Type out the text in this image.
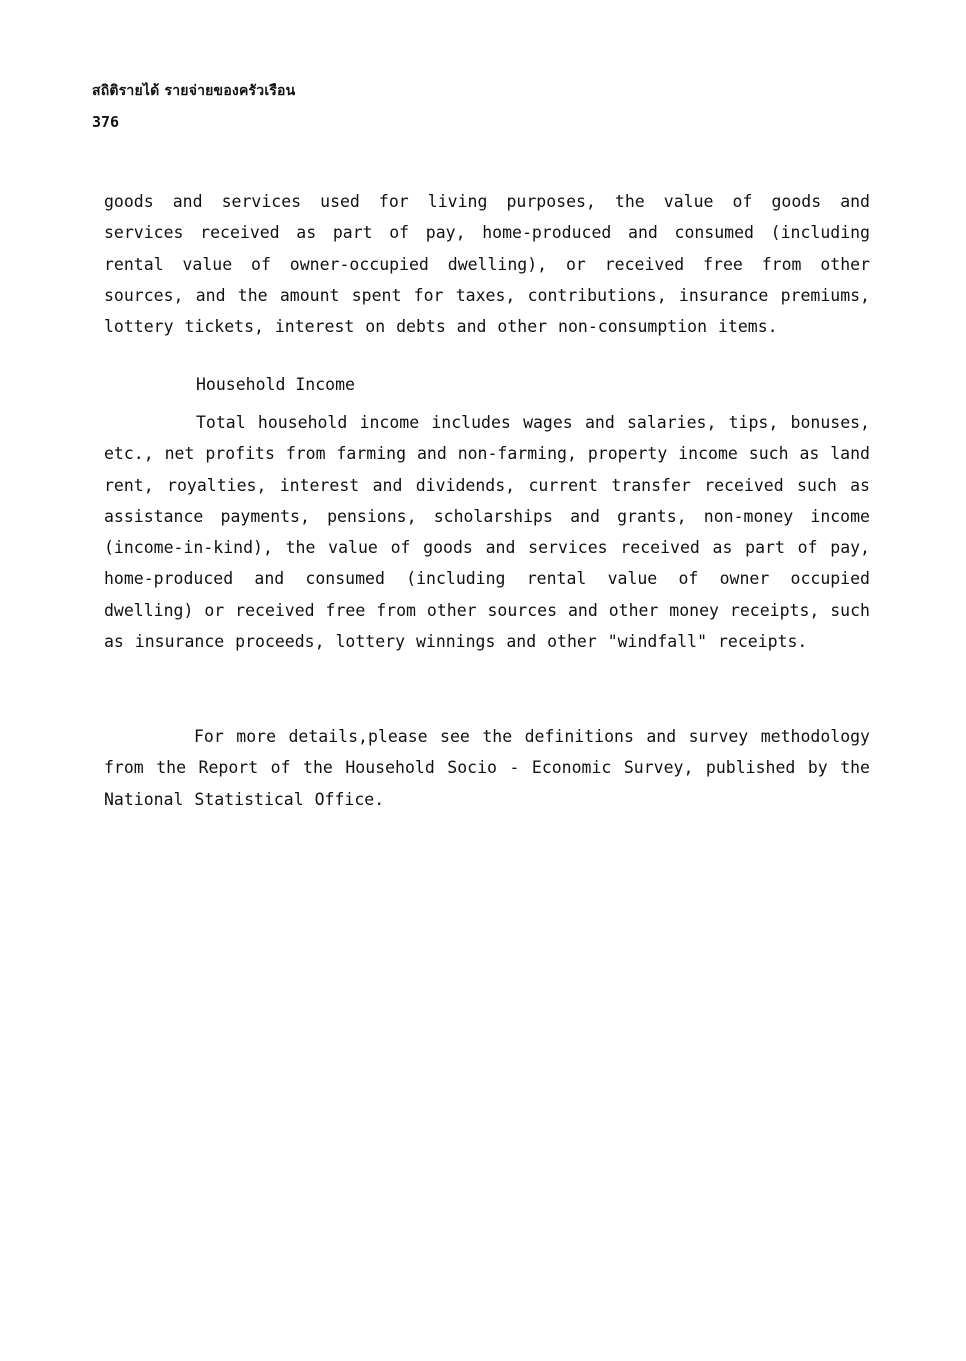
สถิติรายได้ รายจ่ายของครัวเรือน
376

goods and services used for living purposes, the value of goods and services received as part of pay, home-produced and consumed (including rental value of owner-occupied dwelling), or received free from other sources, and the amount spent for taxes, contributions, insurance premiums, lottery tickets, interest on debts and other non-consumption items.

Household Income

Total household income includes wages and salaries, tips, bonuses, etc., net profits from farming and non-farming, property income such as land rent, royalties, interest and dividends, current transfer received such as assistance payments, pensions, scholarships and grants, non-money income (income-in-kind), the value of goods and services received as part of pay, home-produced and consumed (including rental value of owner occupied dwelling) or received free from other sources and other money receipts, such as insurance proceeds, lottery winnings and other "windfall" receipts.

For more details,please see the definitions and survey methodology from the Report of the Household Socio - Economic Survey, published by the National Statistical Office.
